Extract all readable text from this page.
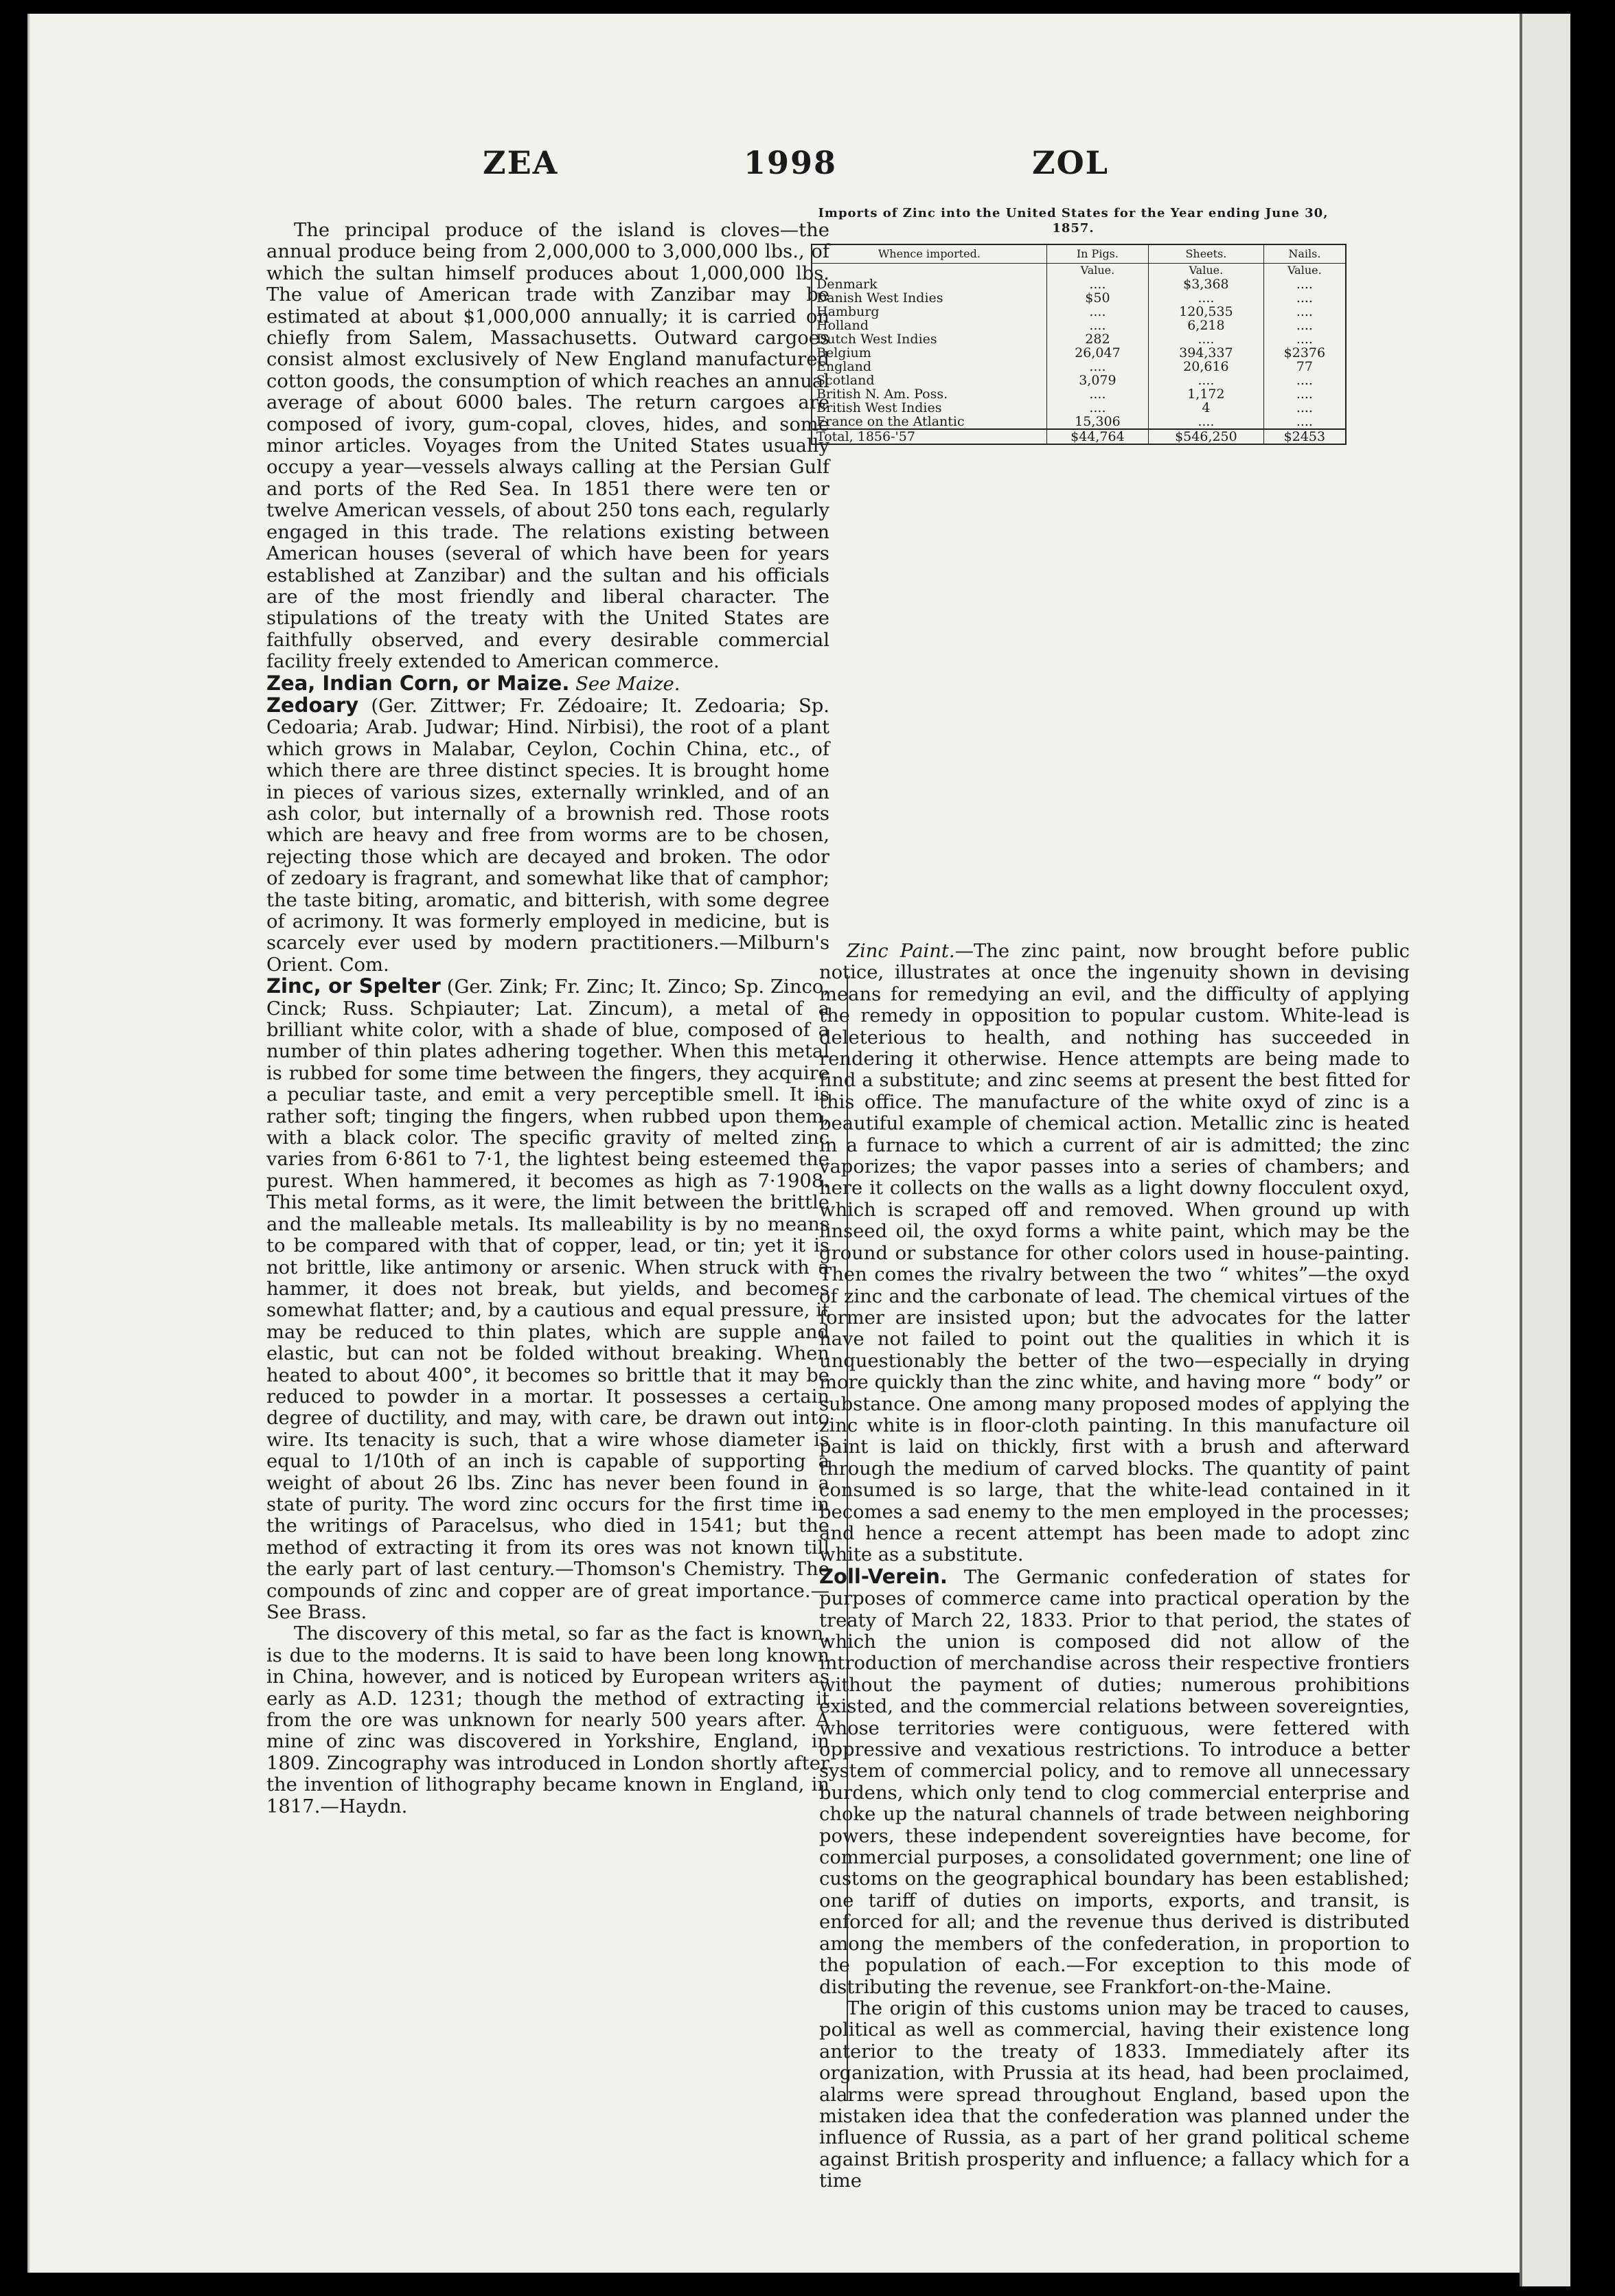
ZEA	1998	ZOL

The principal produce of the island is cloves—the annual produce being from 2,000,000 to 3,000,000 lbs., of which the sultan himself produces about 1,000,000 lbs. The value of American trade with Zanzibar may be estimated at about $1,000,000 annually; it is carried on chiefly from Salem, Massachusetts. Outward cargoes consist almost exclusively of New England manufactured cotton goods, the consumption of which reaches an annual average of about 6000 bales. The return cargoes are composed of ivory, gum-copal, cloves, hides, and some minor articles. Voyages from the United States usually occupy a year—vessels always calling at the Persian Gulf and ports of the Red Sea. In 1851 there were ten or twelve American vessels, of about 250 tons each, regularly engaged in this trade. The relations existing between American houses (several of which have been for years established at Zanzibar) and the sultan and his officials are of the most friendly and liberal character. The stipulations of the treaty with the United States are faithfully observed, and every desirable commercial facility freely extended to American commerce.

Zea, Indian Corn, or Maize. See Maize.

Zedoary (Ger. Zittwer; Fr. Zédoaire; It. Zedoaria; Sp. Cedoaria; Arab. Judwar; Hind. Nirbisi), the root of a plant which grows in Malabar, Ceylon, Cochin China, etc., of which there are three distinct species. It is brought home in pieces of various sizes, externally wrinkled, and of an ash color, but internally of a brownish red. Those roots which are heavy and free from worms are to be chosen, rejecting those which are decayed and broken. The odor of zedoary is fragrant, and somewhat like that of camphor; the taste biting, aromatic, and bitterish, with some degree of acrimony. It was formerly employed in medicine, but is scarcely ever used by modern practitioners.—Milburn's Orient. Com.

Zinc, or Spelter (Ger. Zink; Fr. Zinc; It. Zinco; Sp. Zinco, Cinck; Russ. Schpiauter; Lat. Zincum), a metal of a brilliant white color, with a shade of blue, composed of a number of thin plates adhering together. When this metal is rubbed for some time between the fingers, they acquire a peculiar taste, and emit a very perceptible smell. It is rather soft; tinging the fingers, when rubbed upon them, with a black color. The specific gravity of melted zinc varies from 6·861 to 7·1, the lightest being esteemed the purest. When hammered, it becomes as high as 7·1908. This metal forms, as it were, the limit between the brittle and the malleable metals. Its malleability is by no means to be compared with that of copper, lead, or tin; yet it is not brittle, like antimony or arsenic. When struck with a hammer, it does not break, but yields, and becomes somewhat flatter; and, by a cautious and equal pressure, it may be reduced to thin plates, which are supple and elastic, but can not be folded without breaking. When heated to about 400°, it becomes so brittle that it may be reduced to powder in a mortar. It possesses a certain degree of ductility, and may, with care, be drawn out into wire. Its tenacity is such, that a wire whose diameter is equal to 1/10th of an inch is capable of supporting a weight of about 26 lbs. Zinc has never been found in a state of purity. The word zinc occurs for the first time in the writings of Paracelsus, who died in 1541; but the method of extracting it from its ores was not known till the early part of last century.—Thomson's Chemistry. The compounds of zinc and copper are of great importance.—See Brass.

The discovery of this metal, so far as the fact is known, is due to the moderns. It is said to have been long known in China, however, and is noticed by European writers as early as A.D. 1231; though the method of extracting it from the ore was unknown for nearly 500 years after. A mine of zinc was discovered in Yorkshire, England, in 1809. Zincography was introduced in London shortly after the invention of lithography became known in England, in 1817.—Haydn.

Imports of Zinc into the United States for the Year ending June 30, 1857.
Whence imported.	In Pigs.	Sheets.	Nails.
	Value.	Value.	Value.
Denmark	....	$3,368	....
Danish West Indies	$50	....	....
Hamburg	....	120,535	....
Holland	....	6,218	....
Dutch West Indies	282	....	....
Belgium	26,047	394,337	$2376
England	....	20,616	77
Scotland	3,079	....	....
British N. Am. Poss.	....	1,172	....
British West Indies	....	4	....
France on the Atlantic	15,306	....	....
Total, 1856-'57	$44,764	$546,250	$2453

Zinc Paint.—The zinc paint, now brought before public notice, illustrates at once the ingenuity shown in devising means for remedying an evil, and the difficulty of applying the remedy in opposition to popular custom. White-lead is deleterious to health, and nothing has succeeded in rendering it otherwise. Hence attempts are being made to find a substitute; and zinc seems at present the best fitted for this office. The manufacture of the white oxyd of zinc is a beautiful example of chemical action. Metallic zinc is heated in a furnace to which a current of air is admitted; the zinc vaporizes; the vapor passes into a series of chambers; and here it collects on the walls as a light downy flocculent oxyd, which is scraped off and removed. When ground up with linseed oil, the oxyd forms a white paint, which may be the ground or substance for other colors used in house-painting. Then comes the rivalry between the two “ whites”—the oxyd of zinc and the carbonate of lead. The chemical virtues of the former are insisted upon; but the advocates for the latter have not failed to point out the qualities in which it is unquestionably the better of the two—especially in drying more quickly than the zinc white, and having more “ body” or substance. One among many proposed modes of applying the zinc white is in floor-cloth painting. In this manufacture oil paint is laid on thickly, first with a brush and afterward through the medium of carved blocks. The quantity of paint consumed is so large, that the white-lead contained in it becomes a sad enemy to the men employed in the processes; and hence a recent attempt has been made to adopt zinc white as a substitute.

Zoll-Verein. The Germanic confederation of states for purposes of commerce came into practical operation by the treaty of March 22, 1833. Prior to that period, the states of which the union is composed did not allow of the introduction of merchandise across their respective frontiers without the payment of duties; numerous prohibitions existed, and the commercial relations between sovereignties, whose territories were contiguous, were fettered with oppressive and vexatious restrictions. To introduce a better system of commercial policy, and to remove all unnecessary burdens, which only tend to clog commercial enterprise and choke up the natural channels of trade between neighboring powers, these independent sovereignties have become, for commercial purposes, a consolidated government; one line of customs on the geographical boundary has been established; one tariff of duties on imports, exports, and transit, is enforced for all; and the revenue thus derived is distributed among the members of the confederation, in proportion to the population of each.—For exception to this mode of distributing the revenue, see Frankfort-on-the-Maine.

The origin of this customs union may be traced to causes, political as well as commercial, having their existence long anterior to the treaty of 1833. Immediately after its organization, with Prussia at its head, had been proclaimed, alarms were spread throughout England, based upon the mistaken idea that the confederation was planned under the influence of Russia, as a part of her grand political scheme against British prosperity and influence; a fallacy which for a time
